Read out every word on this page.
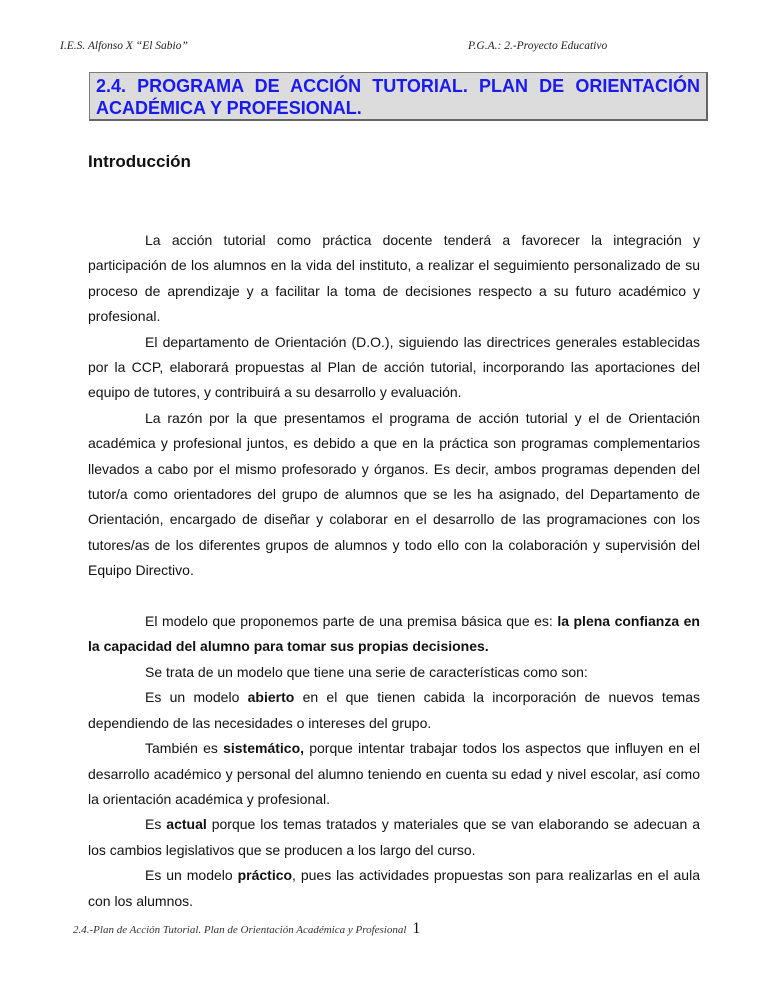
I.E.S. Alfonso X “El Sabio”	P.G.A.: 2.-Proyecto Educativo
2.4. PROGRAMA DE ACCIÓN TUTORIAL. PLAN DE ORIENTACIÓN
ACADÉMICA Y PROFESIONAL.
Introducción

La acción tutorial como práctica docente tenderá a favorecer la integración y participación de los alumnos en la vida del instituto, a realizar el seguimiento personalizado de su proceso de aprendizaje y a facilitar la toma de decisiones respecto a su futuro académico y profesional.

El departamento de Orientación (D.O.), siguiendo las directrices generales establecidas por la CCP, elaborará propuestas al Plan de acción tutorial, incorporando las aportaciones del equipo de tutores, y contribuirá a su desarrollo y evaluación.

La razón por la que presentamos el programa de acción tutorial y el de Orientación académica y profesional juntos, es debido a que en la práctica son programas complementarios llevados a cabo por el mismo profesorado y órganos. Es decir, ambos programas dependen del tutor/a como orientadores del grupo de alumnos que se les ha asignado, del Departamento de Orientación, encargado de diseñar y colaborar en el desarrollo de las programaciones con los tutores/as de los diferentes grupos de alumnos y todo ello con la colaboración y supervisión del Equipo Directivo.

El modelo que proponemos parte de una premisa básica que es: la plena confianza en la capacidad del alumno para tomar sus propias decisiones.

Se trata de un modelo que tiene una serie de características como son:

Es un modelo abierto en el que tienen cabida la incorporación de nuevos temas dependiendo de las necesidades o intereses del grupo.

También es sistemático, porque intentar trabajar todos los aspectos que influyen en el desarrollo académico y personal del alumno teniendo en cuenta su edad y nivel escolar, así como la orientación académica y profesional.

Es actual porque los temas tratados y materiales que se van elaborando se adecuan a los cambios legislativos que se producen a los largo del curso.

Es un modelo práctico, pues las actividades propuestas son para realizarlas en el aula con los alumnos.

2.4.-Plan de Acción Tutorial. Plan de Orientación Académica y Profesional 1
